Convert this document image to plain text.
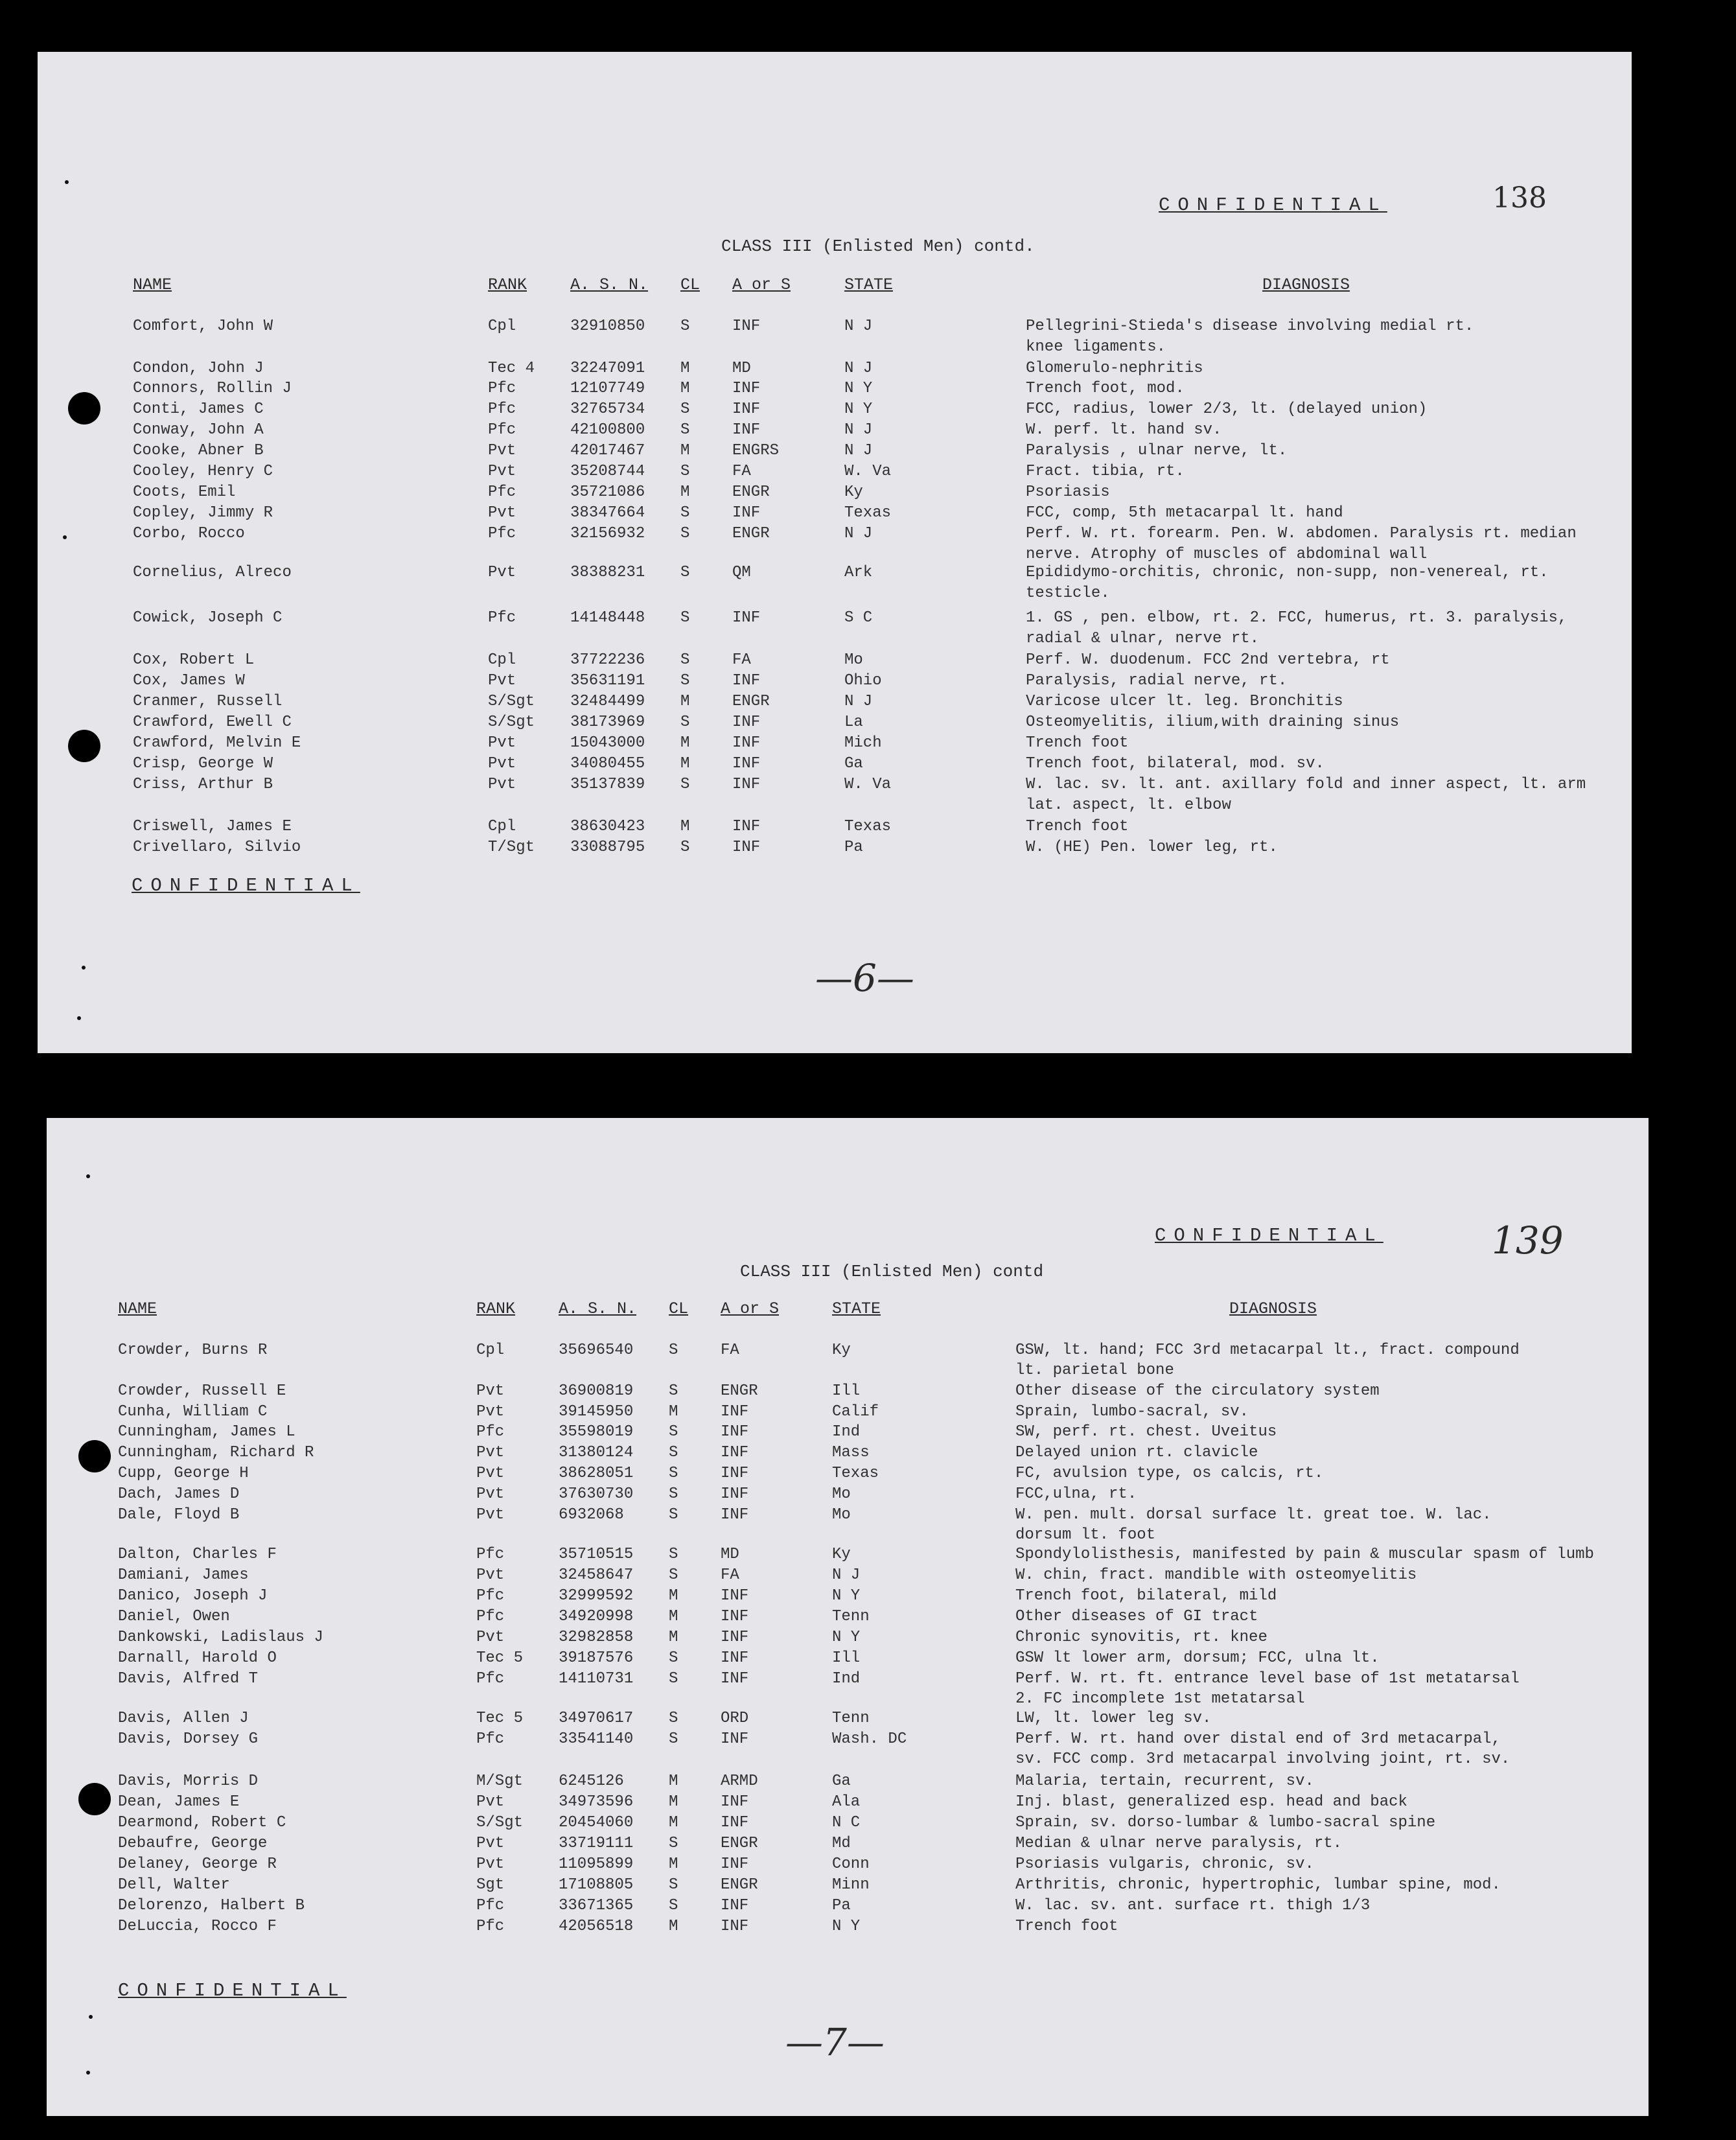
CONFIDENTIAL	138
CLASS III (Enlisted Men) contd.
NAME	RANK	A. S. N. CL A or S	STATE	DIAGNOSIS
Comfort, John W	Cpl	32910850 S	INF	N J	Pellegrini-Stieda's disease involving medial rt.
knee ligaments.
Condon, John J	Tec 4 32247091 M	MD	N J	Glomerulo-nephritis
Connors, Rollin J	Pfc	12107749 M	INF	N Y	Trench foot, mod.
Conti, James C	Pfc	32765734 S	INF	N Y	FCC, radius, lower 2/3, lt. (delayed union)
Conway, John A	Pfc	42100800 S	INF	N J	W. perf. lt. hand sv.
Cooke, Abner B	Pvt	42017467 M	ENGRS	N J	Paralysis , ulnar nerve, lt.
Cooley, Henry C	Pvt	35208744 S	FA	W. Va	Fract. tibia, rt.
Coots, Emil	Pfc	35721086 M	ENGR	Ky	Psoriasis
Copley, Jimmy R	Pvt	38347664 S	INF	Texas	FCC, comp, 5th metacarpal lt. hand
Corbo, Rocco	Pfc	32156932 S	ENGR	N J	Perf. W. rt. forearm. Pen. W. abdomen. Paralysis rt. median
nerve. Atrophy of muscles of abdominal wall
Cornelius, Alreco	Pvt	38388231 S	QM	Ark	Epididymo-orchitis, chronic, non-supp, non-venereal, rt.
testicle.
Cowick, Joseph C	Pfc	14148448 S	INF	S C	1. GS , pen. elbow, rt. 2. FCC, humerus, rt. 3. paralysis,
radial & ulnar, nerve rt.
Cox, Robert L	Cpl	37722236 S	FA	Mo	Perf. W. duodenum. FCC 2nd vertebra, rt
Cox, James W	Pvt	35631191 S	INF	Ohio	Paralysis, radial nerve, rt.
Cranmer, Russell	S/Sgt 32484499 M	ENGR	N J	Varicose ulcer lt. leg. Bronchitis
Crawford, Ewell C	S/Sgt 38173969 S	INF	La	Osteomyelitis, ilium,with draining sinus
Crawford, Melvin E	Pvt	15043000 M	INF	Mich	Trench foot
Crisp, George W	Pvt	34080455 M	INF	Ga	Trench foot, bilateral, mod. sv.
Criss, Arthur B	Pvt	35137839 S	INF	W. Va	W. lac. sv. lt. ant. axillary fold and inner aspect, lt. arm
lat. aspect, lt. elbow
Criswell, James E	Cpl	38630423 M	INF	Texas	Trench foot
Crivellaro, Silvio	T/Sgt 33088795 S	INF	Pa	W. (HE) Pen. lower leg, rt.
CONFIDENTIAL
—6—
CONFIDENTIAL	139
CLASS III (Enlisted Men) contd
NAME	RANK	A. S. N. CL A or S	STATE	DIAGNOSIS
Crowder, Burns R	Cpl	35696540 S	FA	Ky	GSW, lt. hand; FCC 3rd metacarpal lt., fract. compound
lt. parietal bone
Crowder, Russell E	Pvt	36900819 S	ENGR	Ill	Other disease of the circulatory system
Cunha, William C	Pvt	39145950 M	INF	Calif	Sprain, lumbo-sacral, sv.
Cunningham, James L	Pfc	35598019 S	INF	Ind	SW, perf. rt. chest. Uveitus
Cunningham, Richard R	Pvt	31380124 S	INF	Mass	Delayed union rt. clavicle
Cupp, George H	Pvt	38628051 S	INF	Texas	FC, avulsion type, os calcis, rt.
Dach, James D	Pvt	37630730 S	INF	Mo	FCC,ulna, rt.
Dale, Floyd B	Pvt	6932068	S	INF	Mo	W. pen. mult. dorsal surface lt. great toe. W. lac.
dorsum lt. foot
Dalton, Charles F	Pfc	35710515 S	MD	Ky	Spondylolisthesis, manifested by pain & muscular spasm of lumb
Damiani, James	Pvt	32458647 S	FA	N J	W. chin, fract. mandible with osteomyelitis
Danico, Joseph J	Pfc	32999592 M	INF	N Y	Trench foot, bilateral, mild
Daniel, Owen	Pfc	34920998 M	INF	Tenn	Other diseases of GI tract
Dankowski, Ladislaus J	Pvt	32982858 M	INF	N Y	Chronic synovitis, rt. knee
Darnall, Harold O	Tec 5 39187576 S	INF	Ill	GSW lt lower arm, dorsum; FCC, ulna lt.
Davis, Alfred T	Pfc	14110731 S	INF	Ind	Perf. W. rt. ft. entrance level base of 1st metatarsal
2. FC incomplete 1st metatarsal
Davis, Allen J	Tec 5 34970617 S	ORD	Tenn	LW, lt. lower leg sv.
Davis, Dorsey G	Pfc	33541140 S	INF	Wash. DC	Perf. W. rt. hand over distal end of 3rd metacarpal,
sv. FCC comp. 3rd metacarpal involving joint, rt. sv.
Davis, Morris D	M/Sgt 6245126	M	ARMD	Ga	Malaria, tertain, recurrent, sv.
Dean, James E	Pvt	34973596 M	INF	Ala	Inj. blast, generalized esp. head and back
Dearmond, Robert C	S/Sgt 20454060 M	INF	N C	Sprain, sv. dorso-lumbar & lumbo-sacral spine
Debaufre, George	Pvt	33719111 S	ENGR	Md	Median & ulnar nerve paralysis, rt.
Delaney, George R	Pvt	11095899 M	INF	Conn	Psoriasis vulgaris, chronic, sv.
Dell, Walter	Sgt	17108805 S	ENGR	Minn	Arthritis, chronic, hypertrophic, lumbar spine, mod.
Delorenzo, Halbert B	Pfc	33671365 S	INF	Pa	W. lac. sv. ant. surface rt. thigh 1/3
DeLuccia, Rocco F	Pfc	42056518 M	INF	N Y	Trench foot
CONFIDENTIAL
—7—
